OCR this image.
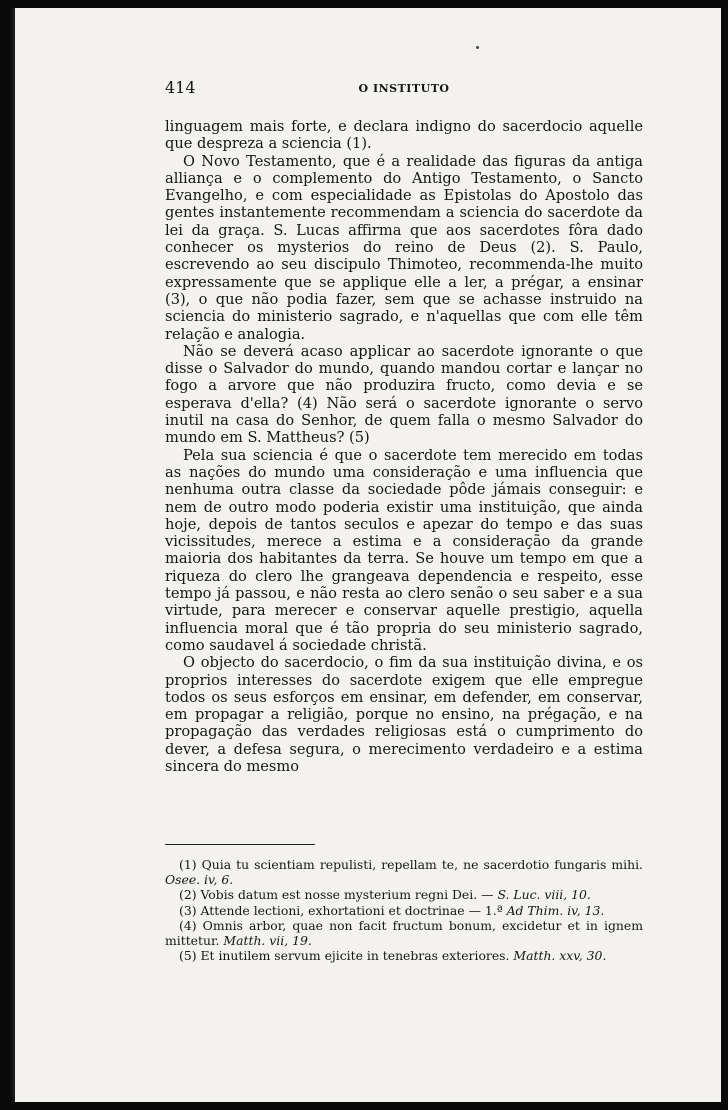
414	O INSTITUTO

linguagem mais forte, e declara indigno do sacerdocio aquelle que despreza a sciencia (1).

O Novo Testamento, que é a realidade das figuras da antiga alliança e o complemento do Antigo Testamento, o Sancto Evangelho, e com especialidade as Epistolas do Apostolo das gentes instantemente recommendam a sciencia do sacerdote da lei da graça. S. Lucas affirma que aos sacerdotes fôra dado conhecer os mysterios do reino de Deus (2). S. Paulo, escrevendo ao seu discipulo Thimoteo, recommenda-lhe muito expressamente que se applique elle a ler, a prégar, a ensinar (3), o que não podia fazer, sem que se achasse instruido na sciencia do ministerio sagrado, e n'aquellas que com elle têm relação e analogia.

Não se deverá acaso applicar ao sacerdote ignorante o que disse o Salvador do mundo, quando mandou cortar e lançar no fogo a arvore que não produzira fructo, como devia e se esperava d'ella? (4) Não será o sacerdote ignorante o servo inutil na casa do Senhor, de quem falla o mesmo Salvador do mundo em S. Mattheus? (5)

Pela sua sciencia é que o sacerdote tem merecido em todas as nações do mundo uma consideração e uma influencia que nenhuma outra classe da sociedade pôde jámais conseguir: e nem de outro modo poderia existir uma instituição, que ainda hoje, depois de tantos seculos e apezar do tempo e das suas vicissitudes, merece a estima e a consideração da grande maioria dos habitantes da terra. Se houve um tempo em que a riqueza do clero lhe grangeava dependencia e respeito, esse tempo já passou, e não resta ao clero senão o seu saber e a sua virtude, para merecer e conservar aquelle prestigio, aquella influencia moral que é tão propria do seu ministerio sagrado, como saudavel á sociedade christã.

O objecto do sacerdocio, o fim da sua instituição divina, e os proprios interesses do sacerdote exigem que elle empregue todos os seus esforços em ensinar, em defender, em conservar, em propagar a religião, porque no ensino, na prégação, e na propagação das verdades religiosas está o cumprimento do dever, a defesa segura, o merecimento verdadeiro e a estima sincera do mesmo

(1) Quia tu scientiam repulisti, repellam te, ne sacerdotio fungaris mihi. Osee. iv, 6.
(2) Vobis datum est nosse mysterium regni Dei. — S. Luc. viii, 10.
(3) Attende lectioni, exhortationi et doctrinae — 1.ª Ad Thim. iv, 13.
(4) Omnis arbor, quae non facit fructum bonum, excidetur et in ignem mittetur. Matth. vii, 19.
(5) Et inutilem servum ejicite in tenebras exteriores. Matth. xxv, 30.
